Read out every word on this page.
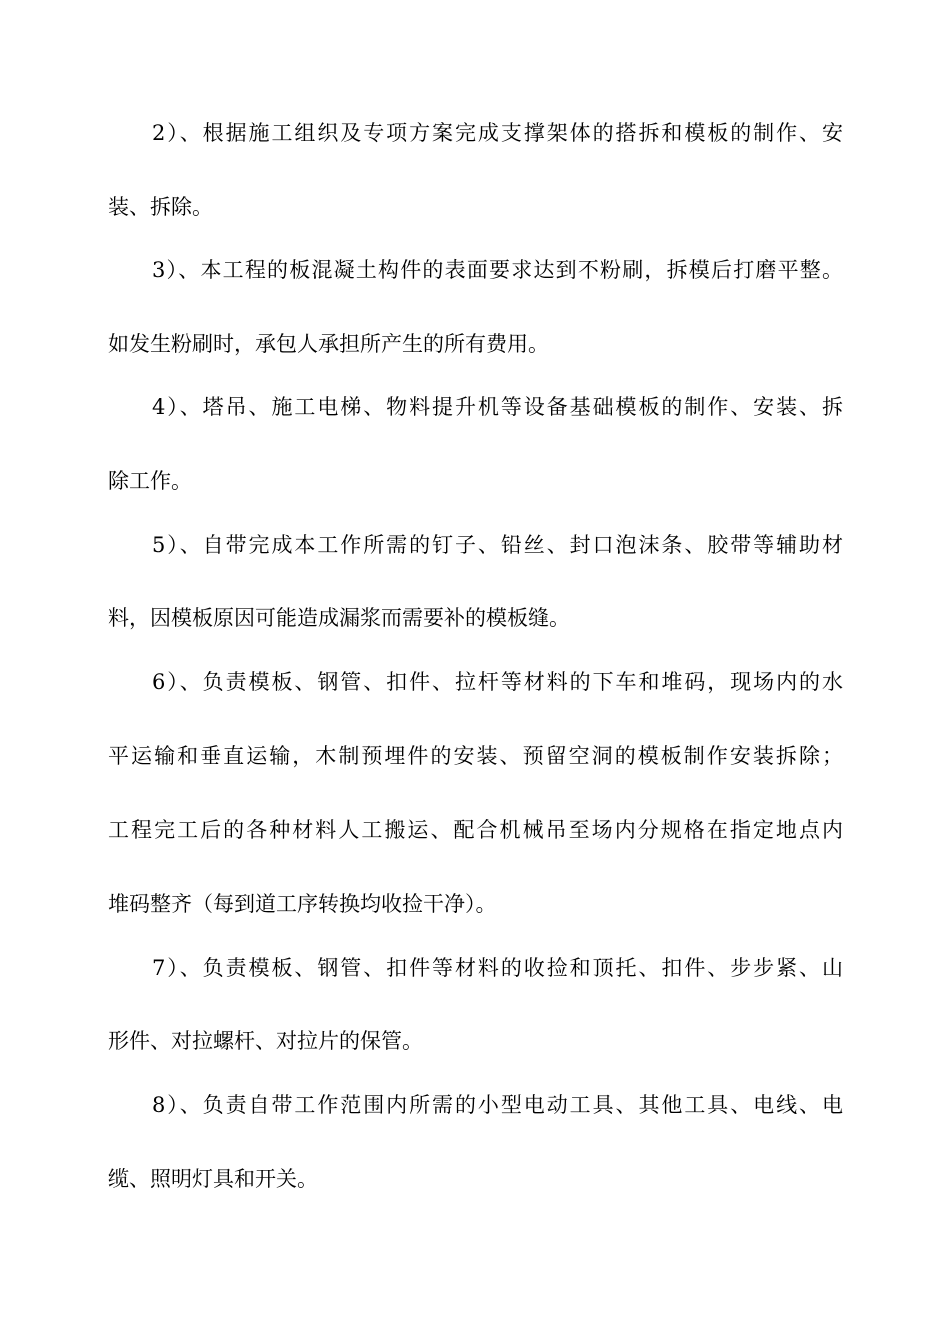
2）、根据施工组织及专项方案完成支撑架体的搭拆和模板的制作、安
装、拆除。
3）、本工程的板混凝土构件的表面要求达到不粉刷，拆模后打磨平整。
如发生粉刷时，承包人承担所产生的所有费用。
4）、塔吊、施工电梯、物料提升机等设备基础模板的制作、安装、拆
除工作。
5）、自带完成本工作所需的钉子、铅丝、封口泡沫条、胶带等辅助材
料，因模板原因可能造成漏浆而需要补的模板缝。
6）、负责模板、钢管、扣件、拉杆等材料的下车和堆码，现场内的水
平运输和垂直运输，木制预埋件的安装、预留空洞的模板制作安装拆除；
工程完工后的各种材料人工搬运、配合机械吊至场内分规格在指定地点内
堆码整齐（每到道工序转换均收捡干净）。
7）、负责模板、钢管、扣件等材料的收捡和顶托、扣件、步步紧、山
形件、对拉螺杆、对拉片的保管。
8）、负责自带工作范围内所需的小型电动工具、其他工具、电线、电
缆、照明灯具和开关。
